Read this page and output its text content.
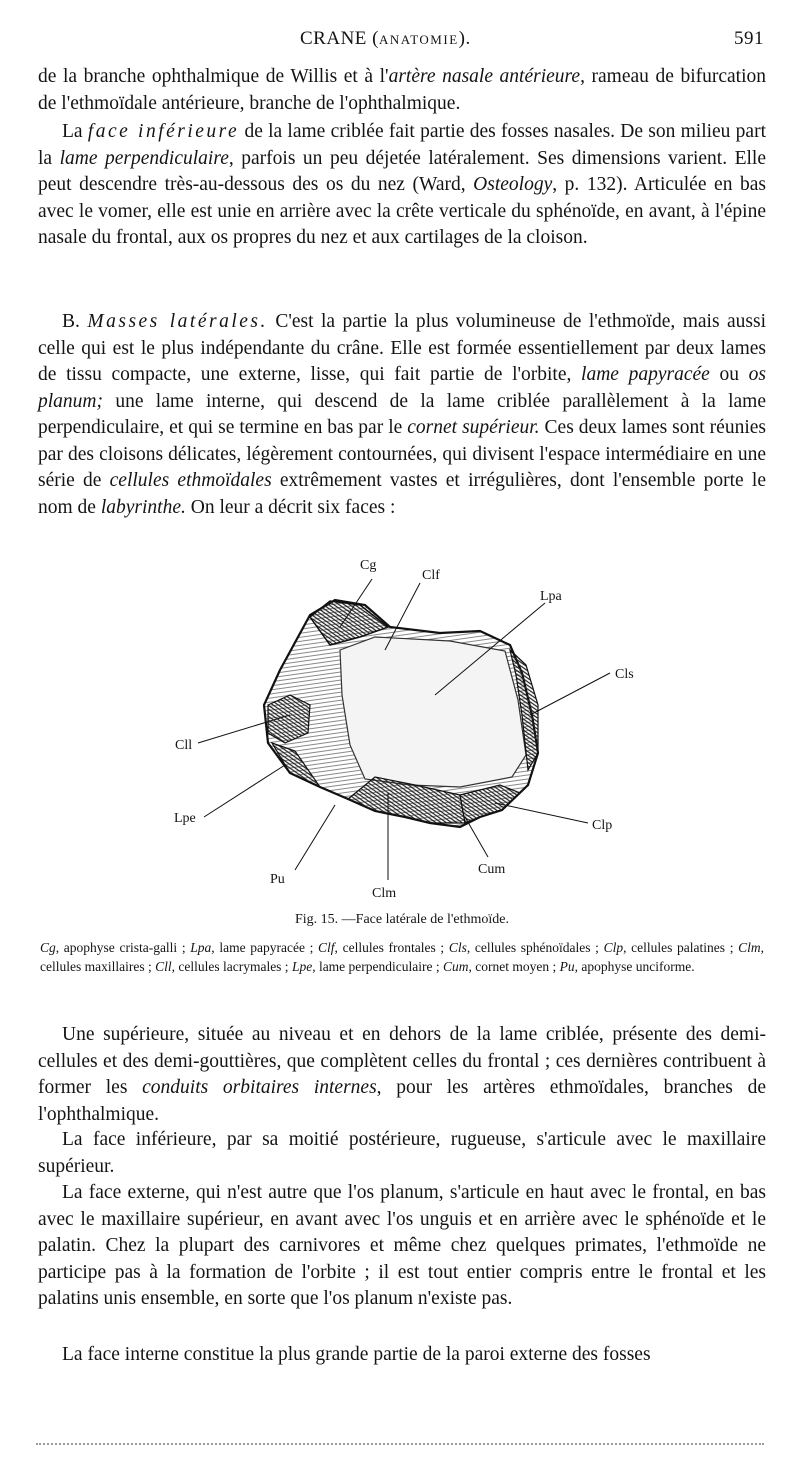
CRANE (ANATOMIE).	591

de la branche ophthalmique de Willis et à l'artère nasale antérieure, rameau de bifurcation de l'ethmoïdale antérieure, branche de l'ophthalmique.

La face inférieure de la lame criblée fait partie des fosses nasales. De son milieu part la lame perpendiculaire, parfois un peu déjetée latéralement. Ses dimensions varient. Elle peut descendre très-au-dessous des os du nez (Ward, Osteology, p. 132). Articulée en bas avec le vomer, elle est unie en arrière avec la crête verticale du sphénoïde, en avant, à l'épine nasale du frontal, aux os propres du nez et aux cartilages de la cloison.

B. Masses latérales. C'est la partie la plus volumineuse de l'ethmoïde, mais aussi celle qui est le plus indépendante du crâne. Elle est formée essentiellement par deux lames de tissu compacte, une externe, lisse, qui fait partie de l'orbite, lame papyracée ou os planum; une lame interne, qui descend de la lame criblée parallèlement à la lame perpendiculaire, et qui se termine en bas par le cornet supérieur. Ces deux lames sont réunies par des cloisons délicates, légèrement contournées, qui divisent l'espace intermédiaire en une série de cellules ethmoïdales extrêmement vastes et irrégulières, dont l'ensemble porte le nom de labyrinthe. On leur a décrit six faces :

Cg
Clf
Lpa
Cls
Cll
Lpe	Clp
Pu
Cum
Clm

Fig. 15. —Face latérale de l'ethmoïde.

Cg, apophyse crista-galli ; Lpa, lame papyracée ; Clf, cellules frontales ; Cls, cellules sphénoïdales ; Clp, cellules palatines ; Clm, cellules maxillaires ; Cll, cellules lacrymales ; Lpe, lame perpendiculaire ; Cum, cornet moyen ; Pu, apophyse unciforme.

Une supérieure, située au niveau et en dehors de la lame criblée, présente des demi-cellules et des demi-gouttières, que complètent celles du frontal ; ces dernières contribuent à former les conduits orbitaires internes, pour les artères ethmoïdales, branches de l'ophthalmique.

La face inférieure, par sa moitié postérieure, rugueuse, s'articule avec le maxillaire supérieur.

La face externe, qui n'est autre que l'os planum, s'articule en haut avec le frontal, en bas avec le maxillaire supérieur, en avant avec l'os unguis et en arrière avec le sphénoïde et le palatin. Chez la plupart des carnivores et même chez quelques primates, l'ethmoïde ne participe pas à la formation de l'orbite ; il est tout entier compris entre le frontal et les palatins unis ensemble, en sorte que l'os planum n'existe pas.

La face interne constitue la plus grande partie de la paroi externe des fosses
